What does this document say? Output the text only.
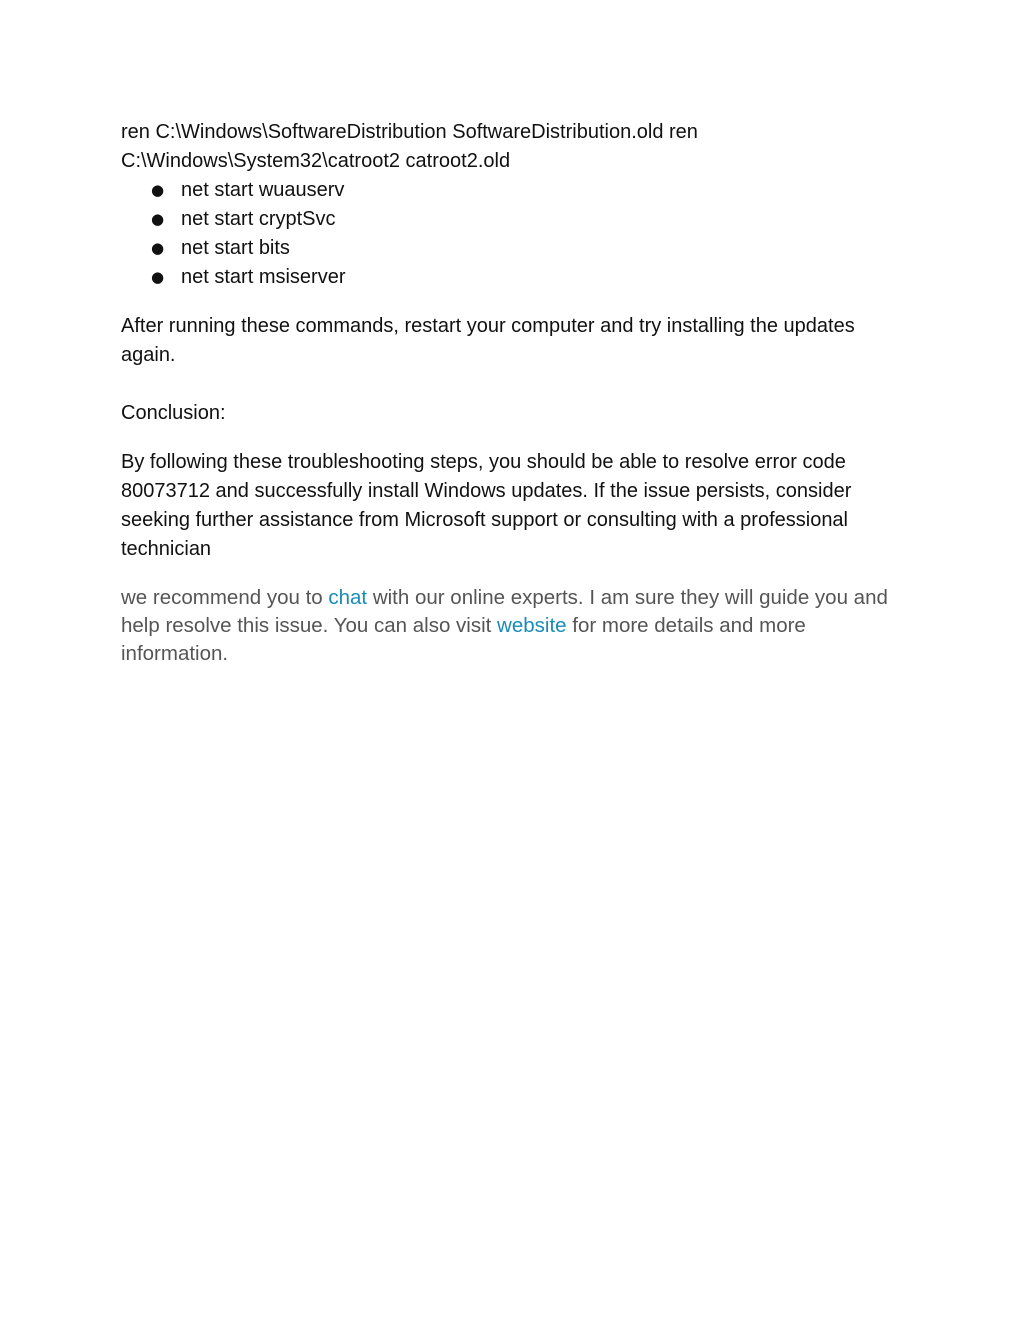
ren C:\Windows\SoftwareDistribution SoftwareDistribution.old ren
C:\Windows\System32\catroot2 catroot2.old

● net start wuauserv
● net start cryptSvc
● net start bits
● net start msiserver

After running these commands, restart your computer and try installing the updates again.

Conclusion:

By following these troubleshooting steps, you should be able to resolve error code 80073712 and successfully install Windows updates. If the issue persists, consider seeking further assistance from Microsoft support or consulting with a professional technician

we recommend you to chat with our online experts. I am sure they will guide you and help resolve this issue. You can also visit website for more details and more information.
